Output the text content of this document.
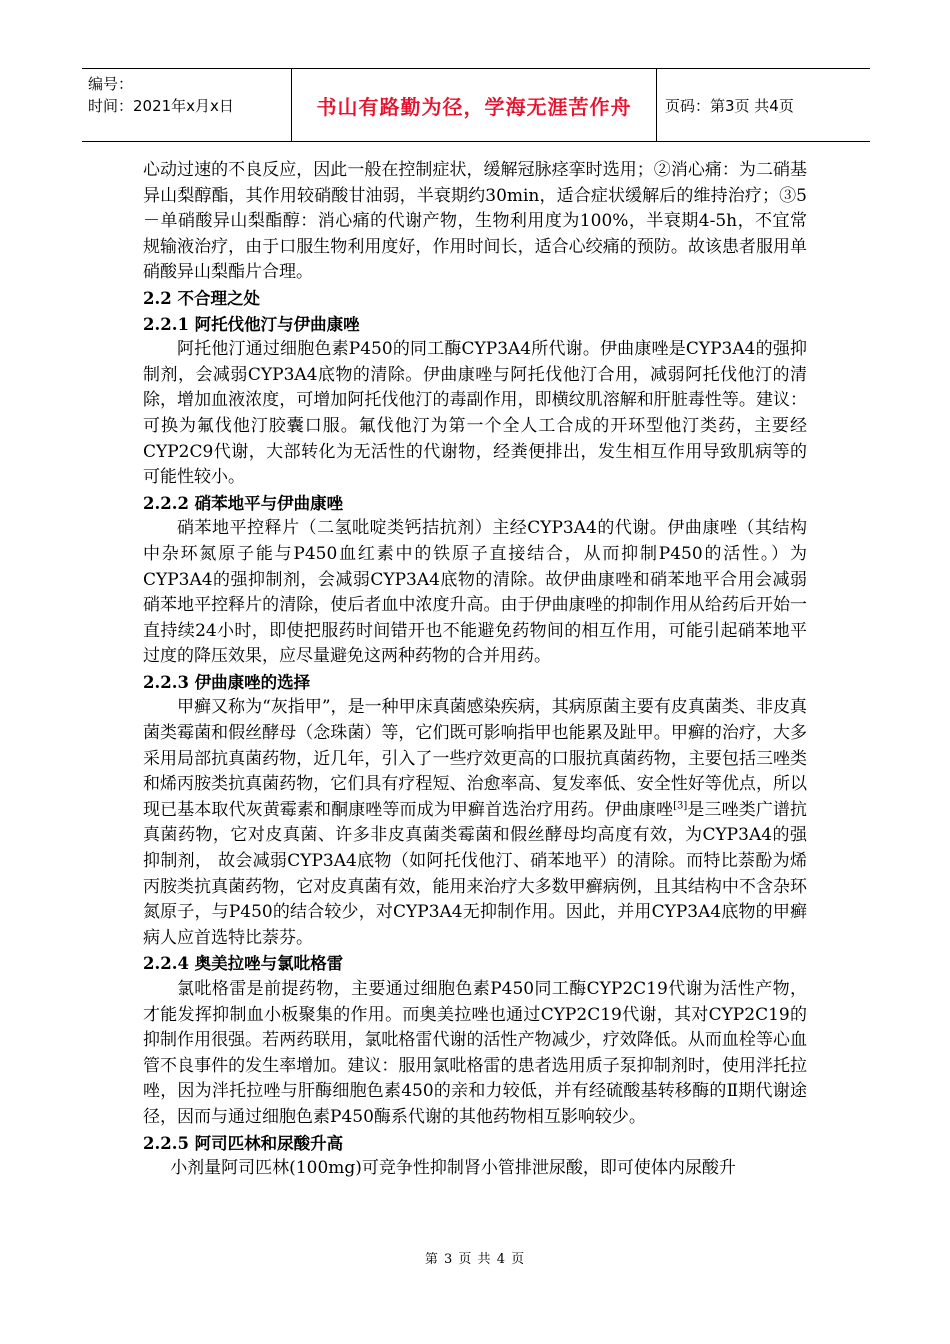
编号：
时间：2021年x月x日	书山有路勤为径，学海无涯苦作舟	页码：第3页 共4页

心动过速的不良反应，因此一般在控制症状，缓解冠脉痉挛时选用；②消心痛：为二硝基异山梨醇酯，其作用较硝酸甘油弱，半衰期约30min，适合症状缓解后的维持治疗；③5－单硝酸异山梨酯醇：消心痛的代谢产物，生物利用度为100%，半衰期4-5h，不宜常规输液治疗，由于口服生物利用度好，作用时间长，适合心绞痛的预防。故该患者服用单硝酸异山梨酯片合理。

2.2 不合理之处
2.2.1 阿托伐他汀与伊曲康唑

阿托他汀通过细胞色素P450的同工酶CYP3A4所代谢。伊曲康唑是CYP3A4的强抑制剂，会减弱CYP3A4底物的清除。伊曲康唑与阿托伐他汀合用，减弱阿托伐他汀的清除，增加血液浓度，可增加阿托伐他汀的毒副作用，即横纹肌溶解和肝脏毒性等。建议：可换为氟伐他汀胶囊口服。氟伐他汀为第一个全人工合成的开环型他汀类药，主要经CYP2C9代谢，大部转化为无活性的代谢物，经粪便排出，发生相互作用导致肌病等的可能性较小。

2.2.2 硝苯地平与伊曲康唑

硝苯地平控释片（二氢吡啶类钙拮抗剂）主经CYP3A4的代谢。伊曲康唑（其结构中杂环氮原子能与P450血红素中的铁原子直接结合，从而抑制P450的活性。）为CYP3A4的强抑制剂，会减弱CYP3A4底物的清除。故伊曲康唑和硝苯地平合用会减弱硝苯地平控释片的清除，使后者血中浓度升高。由于伊曲康唑的抑制作用从给药后开始一直持续24小时，即使把服药时间错开也不能避免药物间的相互作用，可能引起硝苯地平过度的降压效果，应尽量避免这两种药物的合并用药。

2.2.3 伊曲康唑的选择

甲癣又称为“灰指甲”，是一种甲床真菌感染疾病，其病原菌主要有皮真菌类、非皮真菌类霉菌和假丝酵母（念珠菌）等，它们既可影响指甲也能累及趾甲。甲癣的治疗，大多采用局部抗真菌药物，近几年，引入了一些疗效更高的口服抗真菌药物，主要包括三唑类和烯丙胺类抗真菌药物，它们具有疗程短、治愈率高、复发率低、安全性好等优点，所以现已基本取代灰黄霉素和酮康唑等而成为甲癣首选治疗用药。伊曲康唑[3]是三唑类广谱抗真菌药物，它对皮真菌、许多非皮真菌类霉菌和假丝酵母均高度有效，为CYP3A4的强抑制剂， 故会减弱CYP3A4底物（如阿托伐他汀、硝苯地平）的清除。而特比萘酚为烯丙胺类抗真菌药物，它对皮真菌有效，能用来治疗大多数甲癣病例，且其结构中不含杂环氮原子，与P450的结合较少，对CYP3A4无抑制作用。因此，并用CYP3A4底物的甲癣病人应首选特比萘芬。

2.2.4 奥美拉唑与氯吡格雷

氯吡格雷是前提药物，主要通过细胞色素P450同工酶CYP2C19代谢为活性产物，才能发挥抑制血小板聚集的作用。而奥美拉唑也通过CYP2C19代谢，其对CYP2C19的抑制作用很强。若两药联用，氯吡格雷代谢的活性产物减少，疗效降低。从而血栓等心血管不良事件的发生率增加。建议：服用氯吡格雷的患者选用质子泵抑制剂时，使用泮托拉唑，因为泮托拉唑与肝酶细胞色素450的亲和力较低，并有经硫酸基转移酶的Ⅱ期代谢途径，因而与通过细胞色素P450酶系代谢的其他药物相互影响较少。

2.2.5 阿司匹林和尿酸升高

小剂量阿司匹林(100mg)可竞争性抑制肾小管排泄尿酸，即可使体内尿酸升

第 3 页 共 4 页
